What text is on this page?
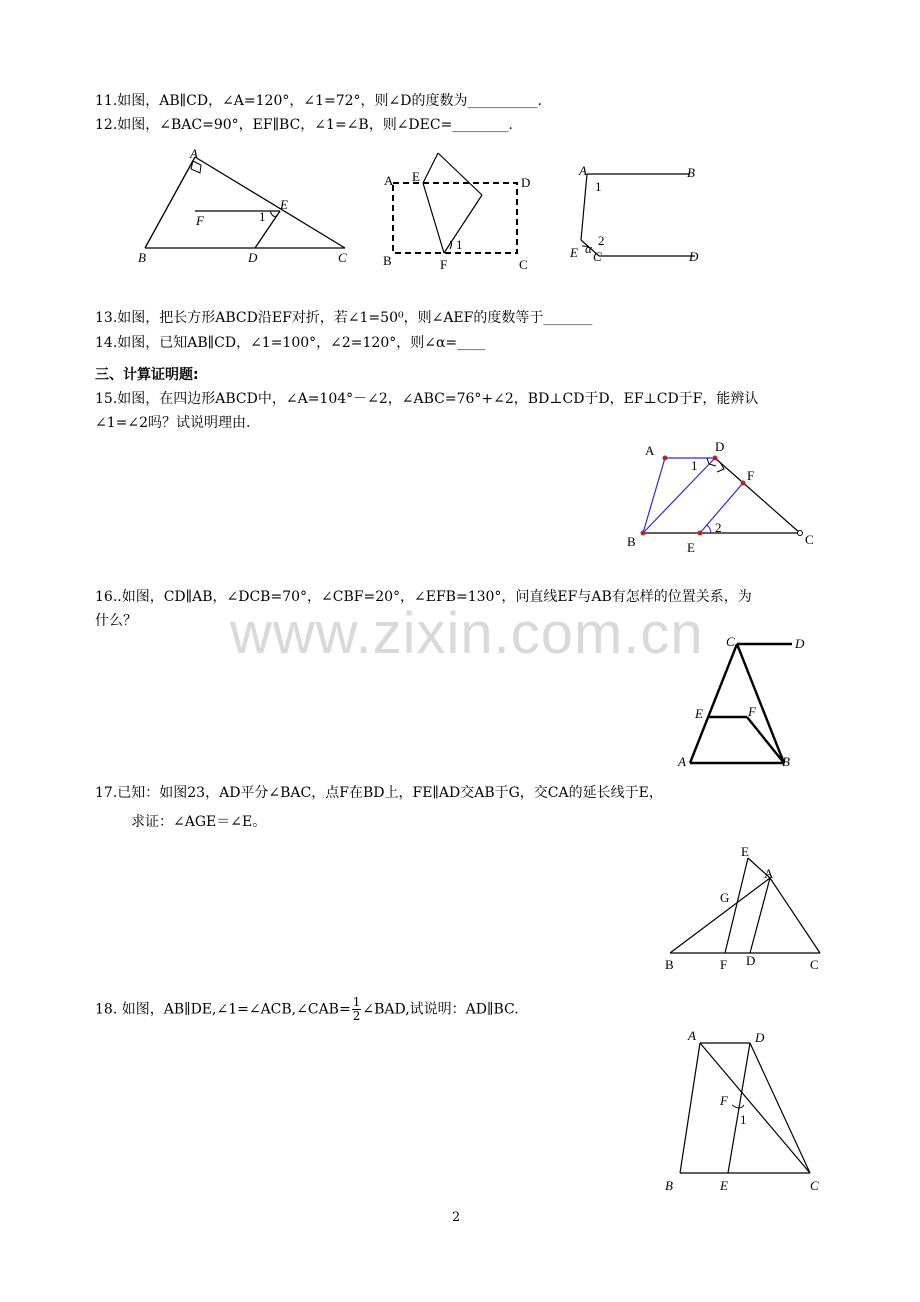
11.如图，AB∥CD，∠A=120°，∠1=72°，则∠D的度数为__________.
12.如图，∠BAC=90°，EF∥BC，∠1=∠B，则∠DEC=________.
A
B	C
D
E
F	1
A E	D
B	F	C
1
A	B
1
2
α
E C	D
13.如图，把长方形ABCD沿EF对折，若∠1=50⁰，则∠AEF的度数等于_______
14.如图，已知AB∥CD，∠1=100°，∠2=120°，则∠α=____
三、计算证明题:
15.如图，在四边形ABCD中，∠A=104°－∠2，∠ABC=76°+∠2，BD⊥CD于D，EF⊥CD于F，能辨认
∠1=∠2吗？试说明理由.
A	D
1
F
B	E
2
C
16..如图，CD∥AB，∠DCB=70°，∠CBF=20°，∠EFB=130°，问直线EF与AB有怎样的位置关系，为
什么？ www.zixin.com.cn C	D
E	F
A	B
17.已知：如图23，AD平分∠BAC，点F在BD上，FE∥AD交AB于G，交CA的延长线于E，
求证：∠AGE＝∠E。
E
A
G
B	F D	C
18. 如图，AB∥DE,∠1=∠ACB,∠CAB= $\frac{1}{2}$ ∠BAD,试说明：AD∥BC.
A	D
F
1
B	E	C
2
